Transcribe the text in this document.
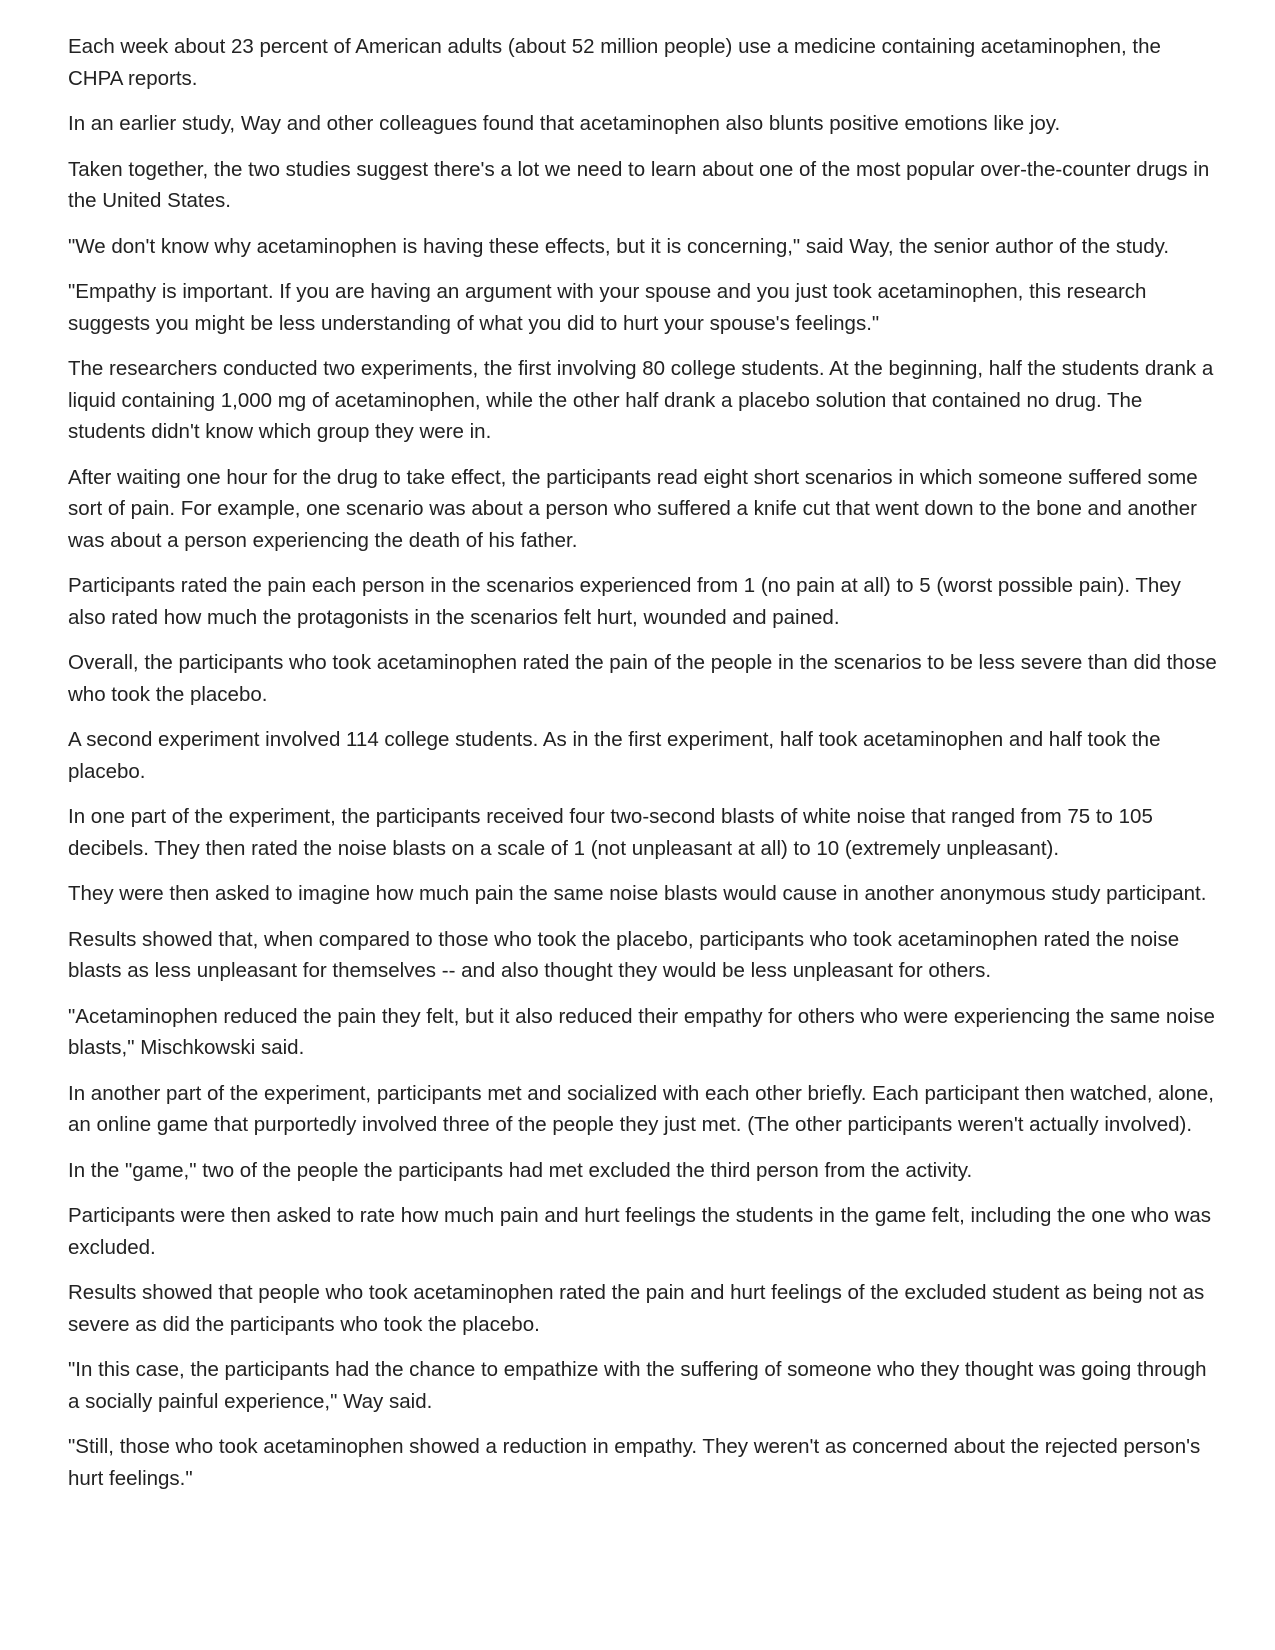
Each week about 23 percent of American adults (about 52 million people) use a medicine containing acetaminophen, the CHPA reports.

In an earlier study, Way and other colleagues found that acetaminophen also blunts positive emotions like joy.

Taken together, the two studies suggest there's a lot we need to learn about one of the most popular over-the-counter drugs in the United States.

"We don't know why acetaminophen is having these effects, but it is concerning," said Way, the senior author of the study.

"Empathy is important. If you are having an argument with your spouse and you just took acetaminophen, this research suggests you might be less understanding of what you did to hurt your spouse's feelings."

The researchers conducted two experiments, the first involving 80 college students. At the beginning, half the students drank a liquid containing 1,000 mg of acetaminophen, while the other half drank a placebo solution that contained no drug. The students didn't know which group they were in.

After waiting one hour for the drug to take effect, the participants read eight short scenarios in which someone suffered some sort of pain. For example, one scenario was about a person who suffered a knife cut that went down to the bone and another was about a person experiencing the death of his father.

Participants rated the pain each person in the scenarios experienced from 1 (no pain at all) to 5 (worst possible pain). They also rated how much the protagonists in the scenarios felt hurt, wounded and pained.

Overall, the participants who took acetaminophen rated the pain of the people in the scenarios to be less severe than did those who took the placebo.

A second experiment involved 114 college students. As in the first experiment, half took acetaminophen and half took the placebo.

In one part of the experiment, the participants received four two-second blasts of white noise that ranged from 75 to 105 decibels. They then rated the noise blasts on a scale of 1 (not unpleasant at all) to 10 (extremely unpleasant).

They were then asked to imagine how much pain the same noise blasts would cause in another anonymous study participant.

Results showed that, when compared to those who took the placebo, participants who took acetaminophen rated the noise blasts as less unpleasant for themselves -- and also thought they would be less unpleasant for others.

"Acetaminophen reduced the pain they felt, but it also reduced their empathy for others who were experiencing the same noise blasts," Mischkowski said.

In another part of the experiment, participants met and socialized with each other briefly. Each participant then watched, alone, an online game that purportedly involved three of the people they just met. (The other participants weren't actually involved).

In the "game," two of the people the participants had met excluded the third person from the activity.

Participants were then asked to rate how much pain and hurt feelings the students in the game felt, including the one who was excluded.

Results showed that people who took acetaminophen rated the pain and hurt feelings of the excluded student as being not as severe as did the participants who took the placebo.

"In this case, the participants had the chance to empathize with the suffering of someone who they thought was going through a socially painful experience," Way said.

"Still, those who took acetaminophen showed a reduction in empathy. They weren't as concerned about the rejected person's hurt feelings."
